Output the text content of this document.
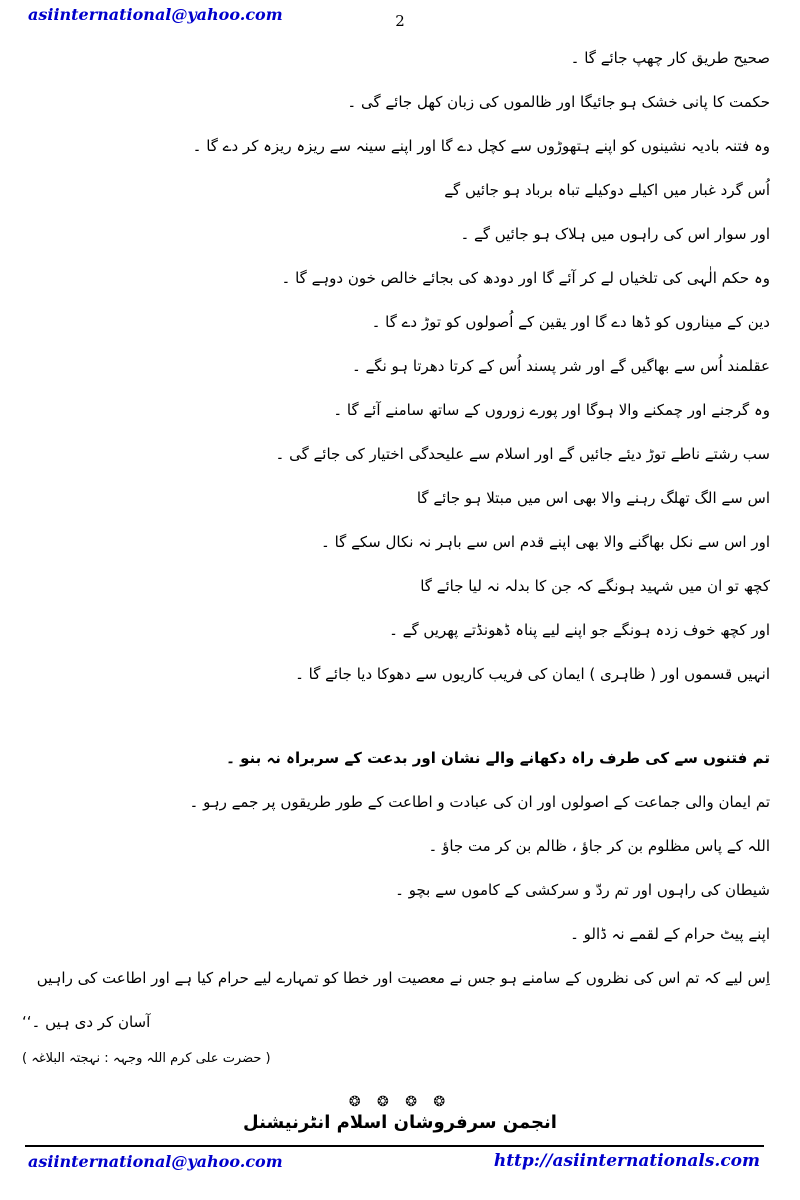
asiinternational@yahoo.com	2
صحیح طریق کار چھپ جائے گا ۔
حکمت کا پانی خشک ہو جائیگا اور ظالموں کی زبان کھل جائے گی ۔
وہ فتنہ بادیہ نشینوں کو اپنے ہتھوڑوں سے کچل دے گا اور اپنے سینہ سے ریزہ ریزہ کر دے گا ۔
اُس گرد غبار میں اکیلے دوکیلے تباہ برباد ہو جائیں گے
اور سوار اس کی راہوں میں ہلاک ہو جائیں گے ۔
وہ حکم الٰہی کی تلخیاں لے کر آئے گا اور دودھ کی بجائے خالص خون دوہے گا ۔
دین کے میناروں کو ڈھا دے گا اور یقین کے اُصولوں کو توڑ دے گا ۔
عقلمند اُس سے بھاگیں گے اور شر پسند اُس کے کرتا دھرتا ہو نگے ۔
وہ گرجنے اور چمکنے والا ہوگا اور پورے زوروں کے ساتھ سامنے آئے گا ۔
سب رشتے ناطے توڑ دیئے جائیں گے اور اسلام سے علیحدگی اختیار کی جائے گی ۔
اس سے الگ تھلگ رہنے والا بھی اس میں مبتلا ہو جائے گا
اور اس سے نکل بھاگنے والا بھی اپنے قدم اس سے باہر نہ نکال سکے گا ۔
کچھ تو ان میں شہید ہونگے کہ جن کا بدلہ نہ لیا جائے گا
اور کچھ خوف زدہ ہونگے جو اپنے لیے پناہ ڈھونڈتے پھریں گے ۔
انہیں قسموں اور ( ظاہری ) ایمان کی فریب کاریوں سے دھوکا دیا جائے گا ۔
تم فتنوں سے کی طرف راہ دکھانے والے نشان اور بدعت کے سربراہ نہ بنو ۔
تم ایمان والی جماعت کے اصولوں اور ان کی عبادت و اطاعت کے طور طریقوں پر جمے رہو ۔
اللہ کے پاس مظلوم بن کر جاؤ ، ظالم بن کر مت جاؤ ۔
شیطان کی راہوں اور تم ردّ و سرکشی کے کاموں سے بچو ۔
اپنے پیٹ حرام کے لقمے نہ ڈالو ۔
اِس لیے کہ تم اس کی نظروں کے سامنے ہو جس نے معصیت اور خطا کو تمہارے لیے حرام کیا ہے اور اطاعت کی راہیں
آسان کر دی ہیں ۔‘‘
( حضرت علی کرم اللہ وجہہ : نہجتہ البلاغہ )
❂ ❂ ❂ ❂
انجمن سرفروشان اسلام انٹرنیشنل
asiinternational@yahoo.com	http://asiinternationals.com
